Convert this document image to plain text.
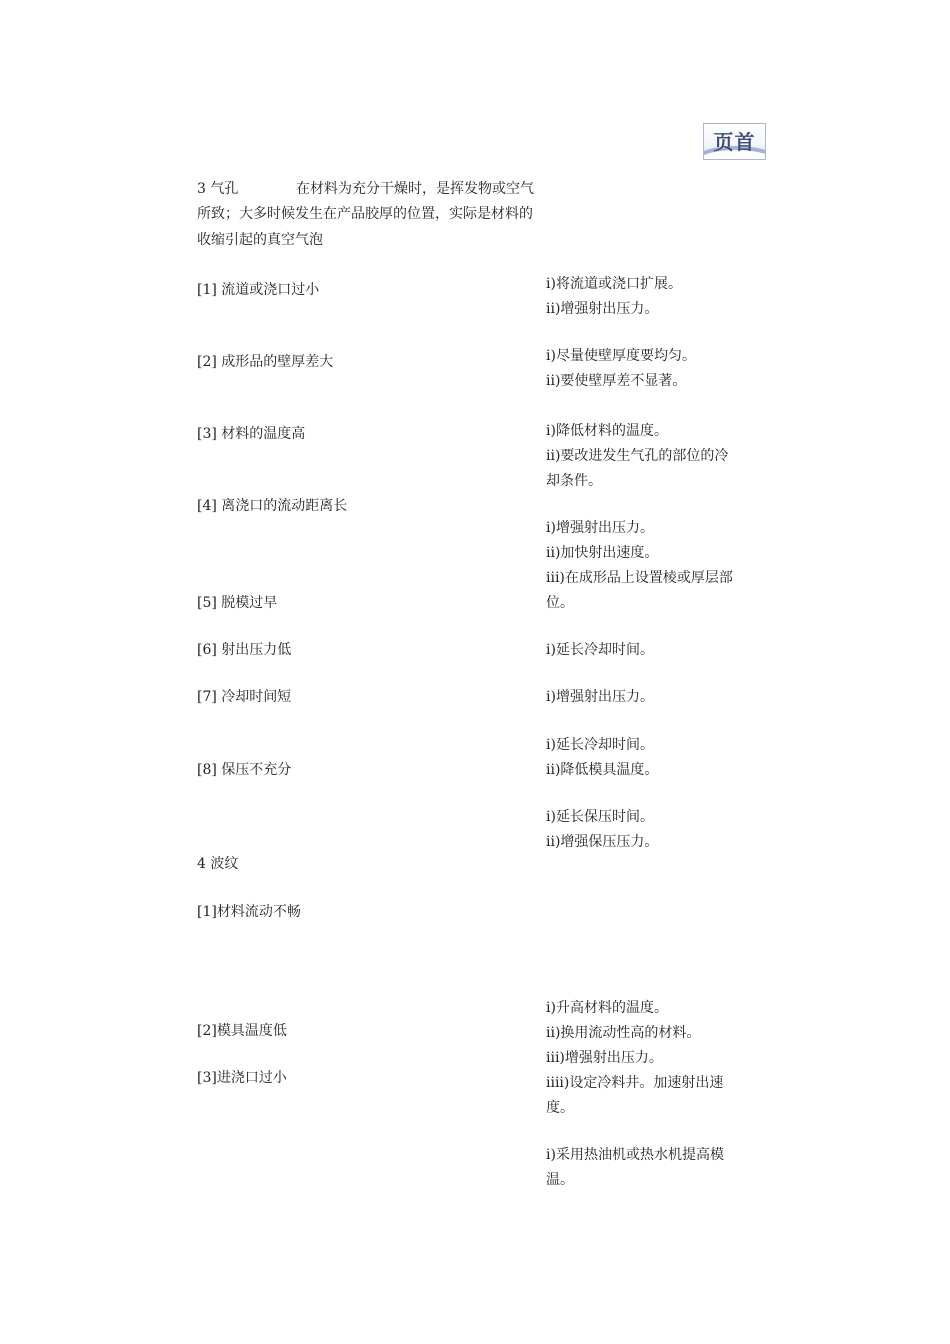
页首
3 气孔	在材料为充分干燥时，是挥发物或空气
所致；大多时候发生在产品胶厚的位置，实际是材料的
收缩引起的真空气泡
[1] 流道或浇口过小
[2] 成形品的壁厚差大
[3] 材料的温度高
[4] 离浇口的流动距离长
[5] 脱模过早
[6] 射出压力低
[7] 冷却时间短
[8] 保压不充分
i)将流道或浇口扩展。
ii)增强射出压力。
i)尽量使壁厚度要均匀。
ii)要使壁厚差不显著。
i)降低材料的温度。
ii)要改进发生气孔的部位的冷
却条件。
i)增强射出压力。
ii)加快射出速度。
iii)在成形品上设置棱或厚层部
位。
i)延长冷却时间。
i)增强射出压力。
i)延长冷却时间。
ii)降低模具温度。
i)延长保压时间。
ii)增强保压压力。
4 波纹
[1]材料流动不畅
[2]模具温度低
[3]进浇口过小
i)升高材料的温度。
ii)换用流动性高的材料。
iii)增强射出压力。
iiii)设定冷料井。加速射出速
度。
i)采用热油机或热水机提高模
温。
